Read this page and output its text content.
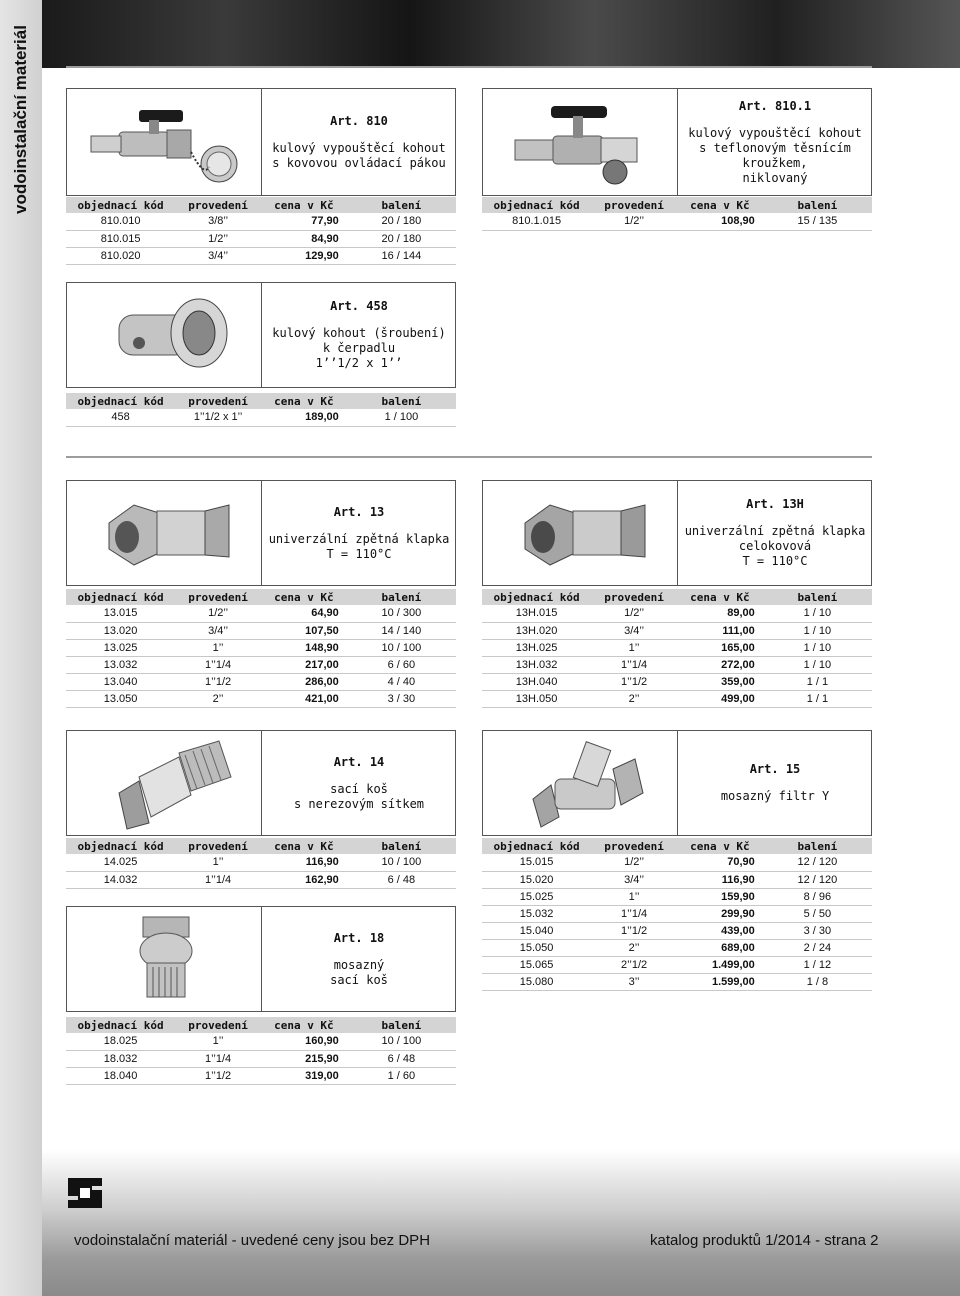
vodoinstalační materiál	Art. 810
kulový vypouštěcí kohout
s kovovou ovládací pákou
objednací kód	provedení	cena v Kč	balení
810.010	3/8’’	77,90	20 / 180
810.015	1/2’’	84,90	20 / 180
810.020	3/4’’	129,90	16 / 144
Art. 810.1
kulový vypouštěcí kohout
s teflonovým těsnícím kroužkem,
niklovaný
objednací kód	provedení	cena v Kč	balení
810.1.015	1/2’’	108,90	15 / 135
Art. 458
kulový kohout (šroubení)
k čerpadlu
1’’1/2 x 1’’
objednací kód	provedení	cena v Kč	balení
458	1’’1/2 x 1’’	189,00	1 / 100
Art. 13
univerzální zpětná klapka
T = 110°C
objednací kód	provedení	cena v Kč	balení
13.015	1/2’’	64,90	10 / 300
13.020	3/4’’	107,50	14 / 140
13.025	1’’	148,90	10 / 100
13.032	1’’1/4	217,00	6 / 60
13.040	1’’1/2	286,00	4 / 40
13.050	2’’	421,00	3 / 30
Art. 13H
univerzální zpětná klapka
celokovová
T = 110°C
objednací kód	provedení	cena v Kč	balení
13H.015	1/2’’	89,00	1 / 10
13H.020	3/4’’	111,00	1 / 10
13H.025	1’’	165,00	1 / 10
13H.032	1’’1/4	272,00	1 / 10
13H.040	1’’1/2	359,00	1 / 1
13H.050	2’’	499,00	1 / 1
Art. 14
sací koš
s nerezovým sítkem
objednací kód	provedení	cena v Kč	balení
14.025	1’’	116,90	10 / 100
14.032	1’’1/4	162,90	6 / 48
Art. 15
mosazný filtr Y
objednací kód	provedení	cena v Kč	balení
15.015	1/2’’	70,90	12 / 120
15.020	3/4’’	116,90	12 / 120
15.025	1’’	159,90	8 / 96
15.032	1’’1/4	299,90	5 / 50
15.040	1’’1/2	439,00	3 / 30
15.050	2’’	689,00	2 / 24
15.065	2’’1/2	1.499,00	1 / 12
15.080	3’’	1.599,00	1 / 8
Art. 18
mosazný
sací koš
objednací kód	provedení	cena v Kč	balení
18.025	1’’	160,90	10 / 100
18.032	1’’1/4	215,90	6 / 48
18.040	1’’1/2	319,00	1 / 60
vodoinstalační materiál - uvedené ceny jsou bez DPH	katalog produktů 1/2014 - strana 2
